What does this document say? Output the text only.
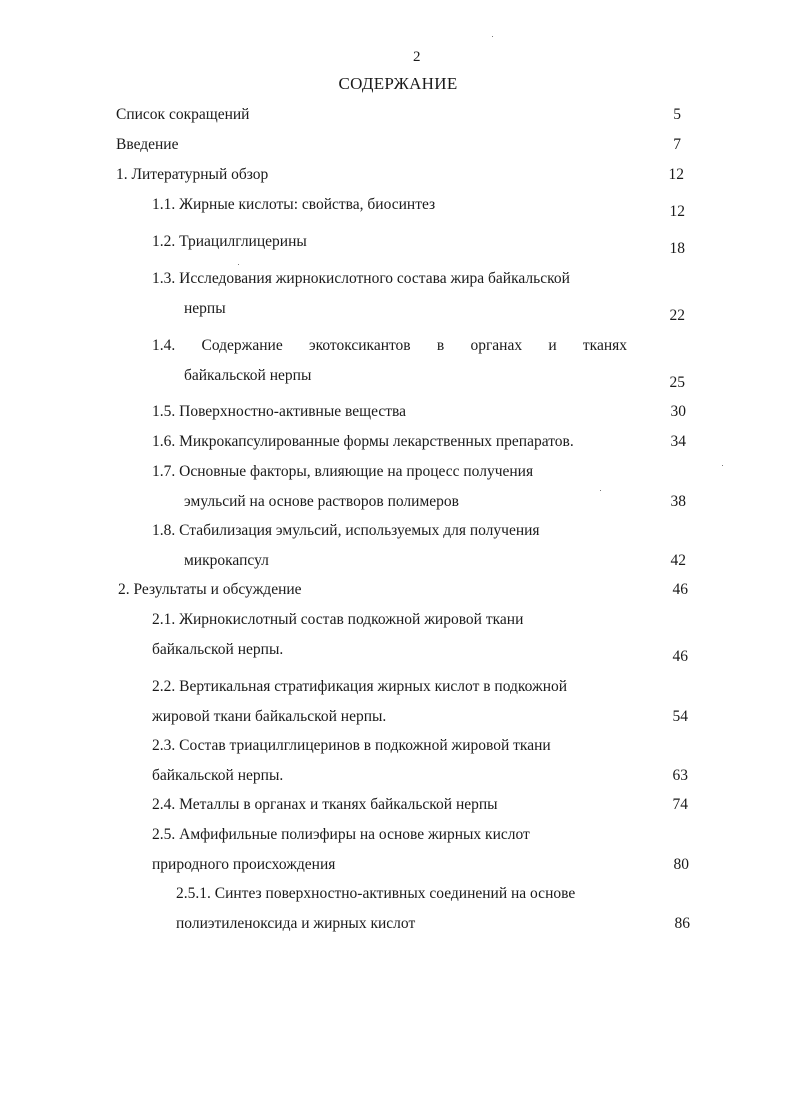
2
СОДЕРЖАНИЕ
Список сокращений	5
Введение	7
1. Литературный обзор	12
1.1. Жирные кислоты: свойства, биосинтез	12
1.2. Триацилглицерины	18
1.3. Исследования жирнокислотного состава жира байкальской
нерпы	22
1.4. Содержание экотоксикантов в органах и тканях
байкальской нерпы	25
1.5. Поверхностно-активные вещества	30
1.6. Микрокапсулированные формы лекарственных препаратов.	34
1.7. Основные факторы, влияющие на процесс получения
эмульсий на основе растворов полимеров	38
1.8. Стабилизация эмульсий, используемых для получения
микрокапсул	42
2. Результаты и обсуждение	46
2.1. Жирнокислотный состав подкожной жировой ткани
байкальской нерпы.	46
2.2. Вертикальная стратификация жирных кислот в подкожной
жировой ткани байкальской нерпы.	54
2.3. Состав триацилглицеринов в подкожной жировой ткани
байкальской нерпы.	63
2.4. Металлы в органах и тканях байкальской нерпы	74
2.5. Амфифильные полиэфиры на основе жирных кислот
природного происхождения	80
2.5.1. Синтез поверхностно-активных соединений на основе
полиэтиленоксида и жирных кислот	86
